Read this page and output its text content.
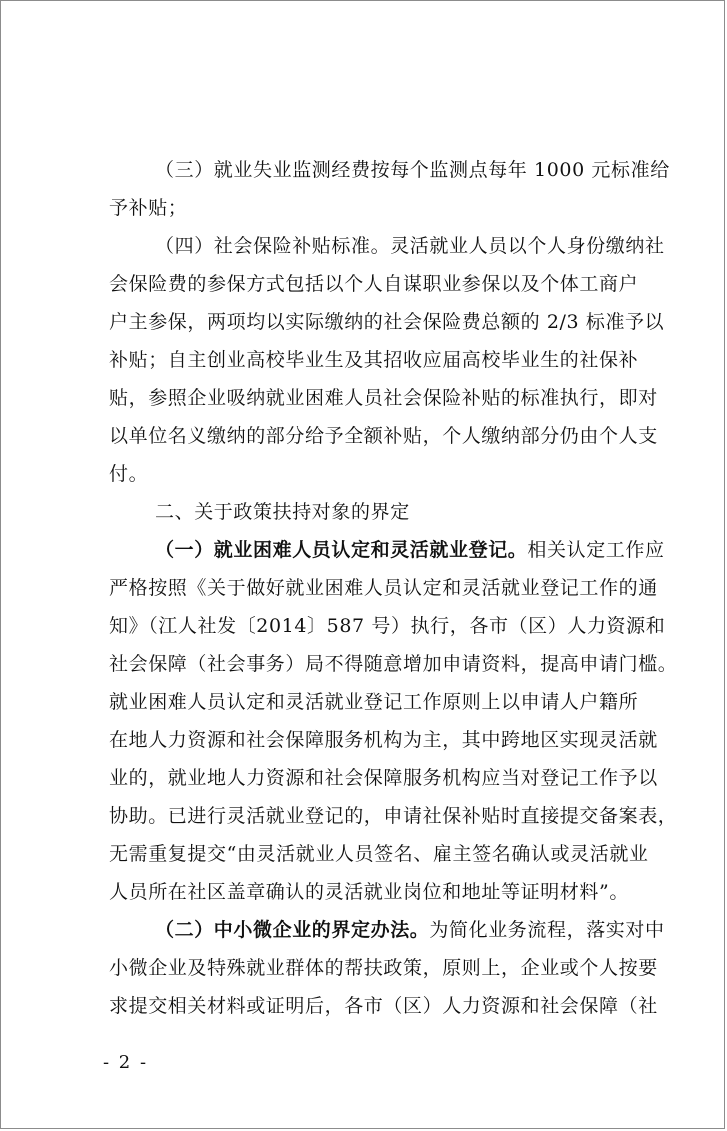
（三）就业失业监测经费按每个监测点每年 1000 元标准给
予补贴；
（四）社会保险补贴标准。灵活就业人员以个人身份缴纳社
会保险费的参保方式包括以个人自谋职业参保以及个体工商户
户主参保，两项均以实际缴纳的社会保险费总额的 2/3 标准予以
补贴；自主创业高校毕业生及其招收应届高校毕业生的社保补
贴，参照企业吸纳就业困难人员社会保险补贴的标准执行，即对
以单位名义缴纳的部分给予全额补贴，个人缴纳部分仍由个人支
付。
二、关于政策扶持对象的界定
（一）就业困难人员认定和灵活就业登记。相关认定工作应
严格按照《关于做好就业困难人员认定和灵活就业登记工作的通
知》（江人社发〔2014〕587 号）执行，各市（区）人力资源和
社会保障（社会事务）局不得随意增加申请资料，提高申请门槛。
就业困难人员认定和灵活就业登记工作原则上以申请人户籍所
在地人力资源和社会保障服务机构为主，其中跨地区实现灵活就
业的，就业地人力资源和社会保障服务机构应当对登记工作予以
协助。已进行灵活就业登记的，申请社保补贴时直接提交备案表，
无需重复提交“由灵活就业人员签名、雇主签名确认或灵活就业
人员所在社区盖章确认的灵活就业岗位和地址等证明材料”。
（二）中小微企业的界定办法。为简化业务流程，落实对中
小微企业及特殊就业群体的帮扶政策，原则上，企业或个人按要
求提交相关材料或证明后，各市（区）人力资源和社会保障（社
- 2 -
